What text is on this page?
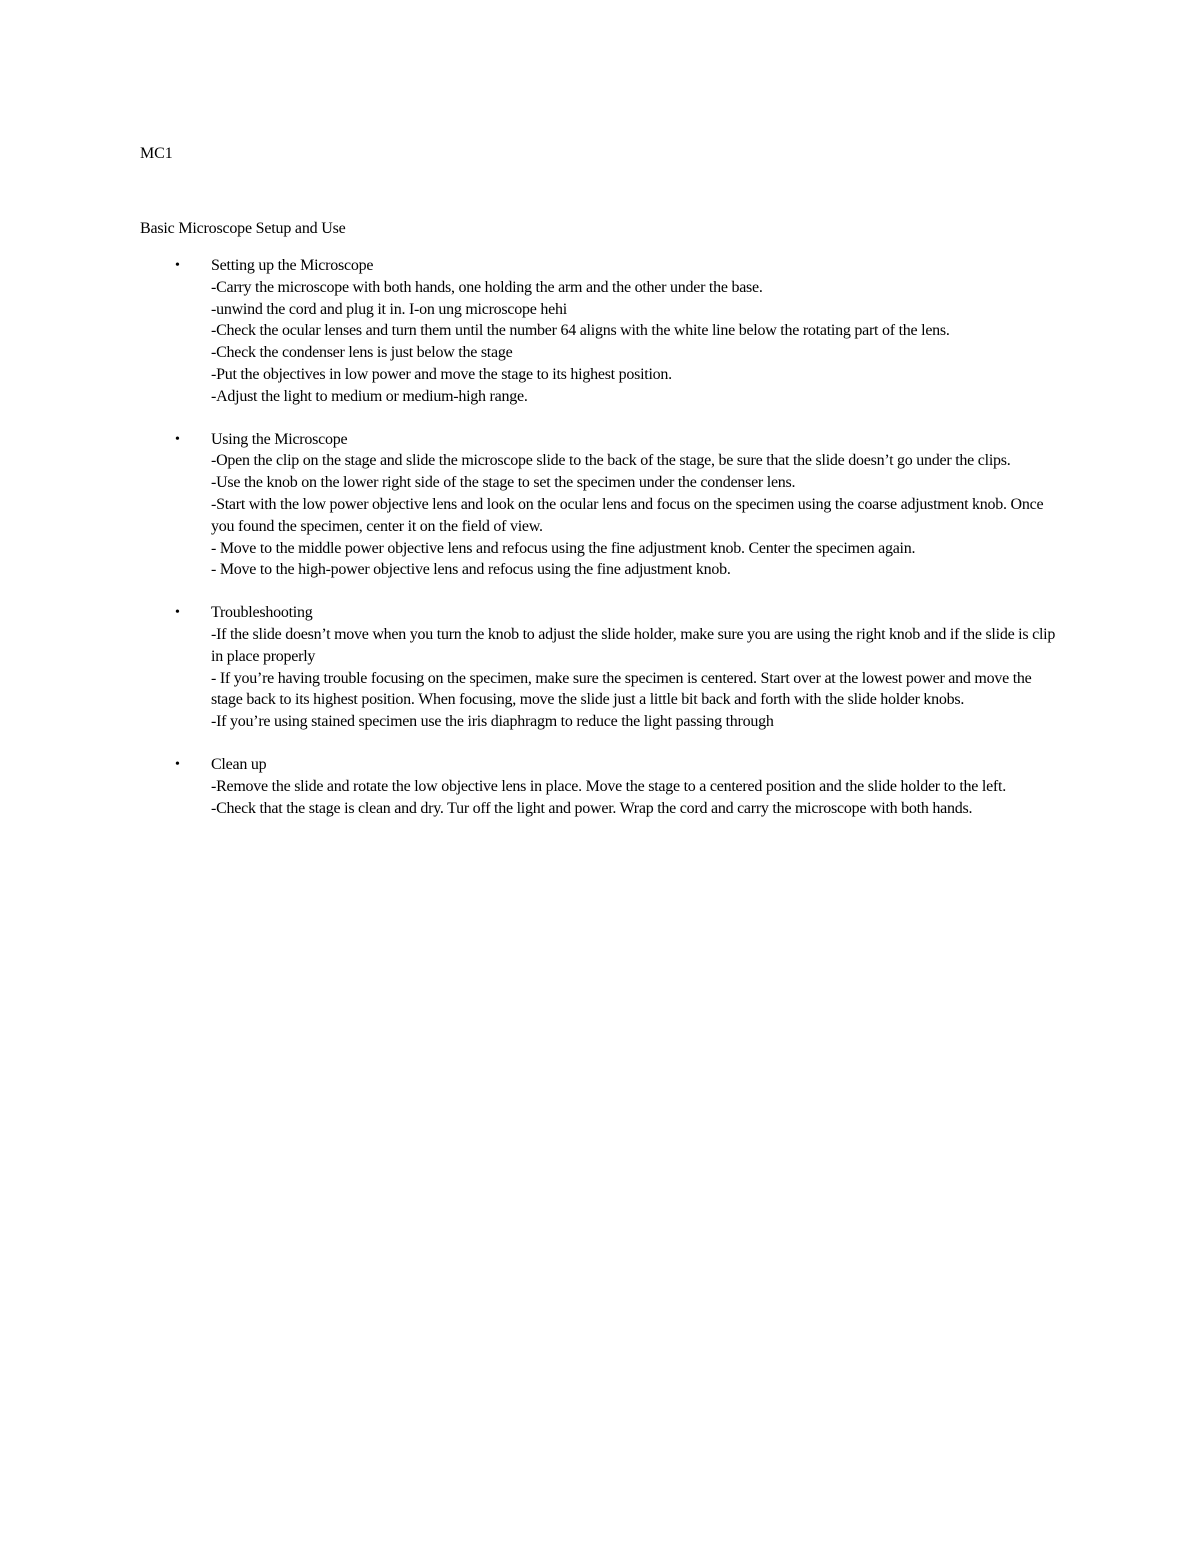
MC1

Basic Microscope Setup and Use
• Setting up the Microscope
-Carry the microscope with both hands, one holding the arm and the other under the base.
-unwind the cord and plug it in. I-on ung microscope hehi
-Check the ocular lenses and turn them until the number 64 aligns with the white line below the rotating part of the lens.
-Check the condenser lens is just below the stage
-Put the objectives in low power and move the stage to its highest position.
-Adjust the light to medium or medium-high range.
• Using the Microscope
-Open the clip on the stage and slide the microscope slide to the back of the stage, be sure that the slide doesn’t go under the clips.
-Use the knob on the lower right side of the stage to set the specimen under the condenser lens.
-Start with the low power objective lens and look on the ocular lens and focus on the specimen using the coarse adjustment knob. Once you found the specimen, center it on the field of view.
- Move to the middle power objective lens and refocus using the fine adjustment knob. Center the specimen again.
- Move to the high-power objective lens and refocus using the fine adjustment knob.
• Troubleshooting
-If the slide doesn’t move when you turn the knob to adjust the slide holder, make sure you are using the right knob and if the slide is clip in place properly
- If you’re having trouble focusing on the specimen, make sure the specimen is centered. Start over at the lowest power and move the stage back to its highest position. When focusing, move the slide just a little bit back and forth with the slide holder knobs.
-If you’re using stained specimen use the iris diaphragm to reduce the light passing through
• Clean up
-Remove the slide and rotate the low objective lens in place. Move the stage to a centered position and the slide holder to the left.
-Check that the stage is clean and dry. Tur off the light and power. Wrap the cord and carry the microscope with both hands.
